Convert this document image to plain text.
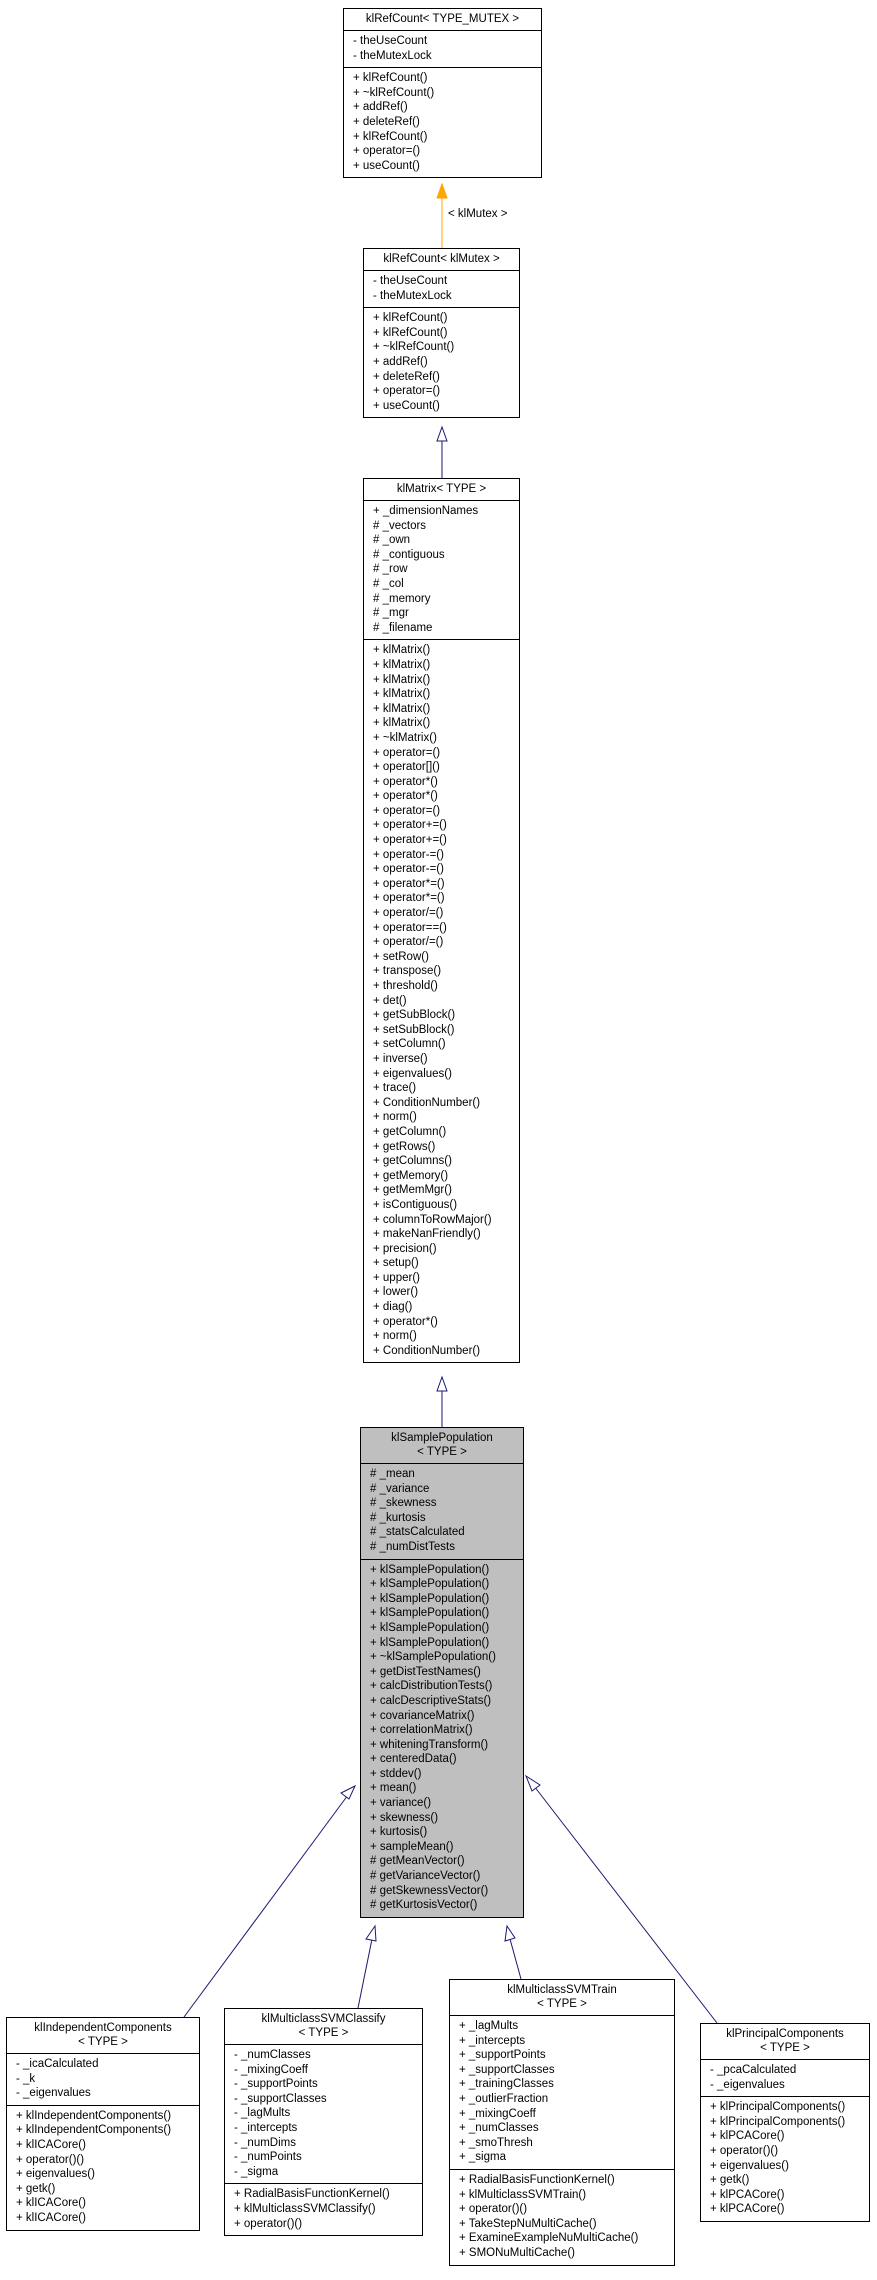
< klMutex >
klRefCount< TYPE_MUTEX >
- theUseCount
- theMutexLock
+ klRefCount()
+ ~klRefCount()
+ addRef()
+ deleteRef()
+ klRefCount()
+ operator=()
+ useCount()
klRefCount< klMutex >
- theUseCount
- theMutexLock
+ klRefCount()
+ klRefCount()
+ ~klRefCount()
+ addRef()
+ deleteRef()
+ operator=()
+ useCount()
klMatrix< TYPE >
+ _dimensionNames
# _vectors
# _own
# _contiguous
# _row
# _col
# _memory
# _mgr
# _filename
+ klMatrix()
+ klMatrix()
+ klMatrix()
+ klMatrix()
+ klMatrix()
+ klMatrix()
+ ~klMatrix()
+ operator=()
+ operator[]()
+ operator*()
+ operator*()
+ operator=()
+ operator+=()
+ operator+=()
+ operator-=()
+ operator-=()
+ operator*=()
+ operator*=()
+ operator/=()
+ operator==()
+ operator/=()
+ setRow()
+ transpose()
+ threshold()
+ det()
+ getSubBlock()
+ setSubBlock()
+ setColumn()
+ inverse()
+ eigenvalues()
+ trace()
+ ConditionNumber()
+ norm()
+ getColumn()
+ getRows()
+ getColumns()
+ getMemory()
+ getMemMgr()
+ isContiguous()
+ columnToRowMajor()
+ makeNanFriendly()
+ precision()
+ setup()
+ upper()
+ lower()
+ diag()
+ operator*()
+ norm()
+ ConditionNumber()
klSamplePopulation
< TYPE >
# _mean
# _variance
# _skewness
# _kurtosis
# _statsCalculated
# _numDistTests
+ klSamplePopulation()
+ klSamplePopulation()
+ klSamplePopulation()
+ klSamplePopulation()
+ klSamplePopulation()
+ klSamplePopulation()
+ ~klSamplePopulation()
+ getDistTestNames()
+ calcDistributionTests()
+ calcDescriptiveStats()
+ covarianceMatrix()
+ correlationMatrix()
+ whiteningTransform()
+ centeredData()
+ stddev()
+ mean()
+ variance()
+ skewness()
+ kurtosis()
+ sampleMean()
# getMeanVector()
# getVarianceVector()
# getSkewnessVector()
# getKurtosisVector()
klIndependentComponents
< TYPE >
- _icaCalculated
- _k
- _eigenvalues
+ klIndependentComponents()
+ klIndependentComponents()
+ klICACore()
+ operator()()
+ eigenvalues()
+ getk()
+ klICACore()
+ klICACore()
klMulticlassSVMClassify
< TYPE >
- _numClasses
- _mixingCoeff
- _supportPoints
- _supportClasses
- _lagMults
- _intercepts
- _numDims
- _numPoints
- _sigma
+ RadialBasisFunctionKernel()
+ klMulticlassSVMClassify()
+ operator()()
klMulticlassSVMTrain
< TYPE >
+ _lagMults
+ _intercepts
+ _supportPoints
+ _supportClasses
+ _trainingClasses
+ _outlierFraction
+ _mixingCoeff
+ _numClasses
+ _smoThresh
+ _sigma
+ RadialBasisFunctionKernel()
+ klMulticlassSVMTrain()
+ operator()()
+ TakeStepNuMultiCache()
+ ExamineExampleNuMultiCache()
+ SMONuMultiCache()
klPrincipalComponents
< TYPE >
- _pcaCalculated
- _eigenvalues
+ klPrincipalComponents()
+ klPrincipalComponents()
+ klPCACore()
+ operator()()
+ eigenvalues()
+ getk()
+ klPCACore()
+ klPCACore()
